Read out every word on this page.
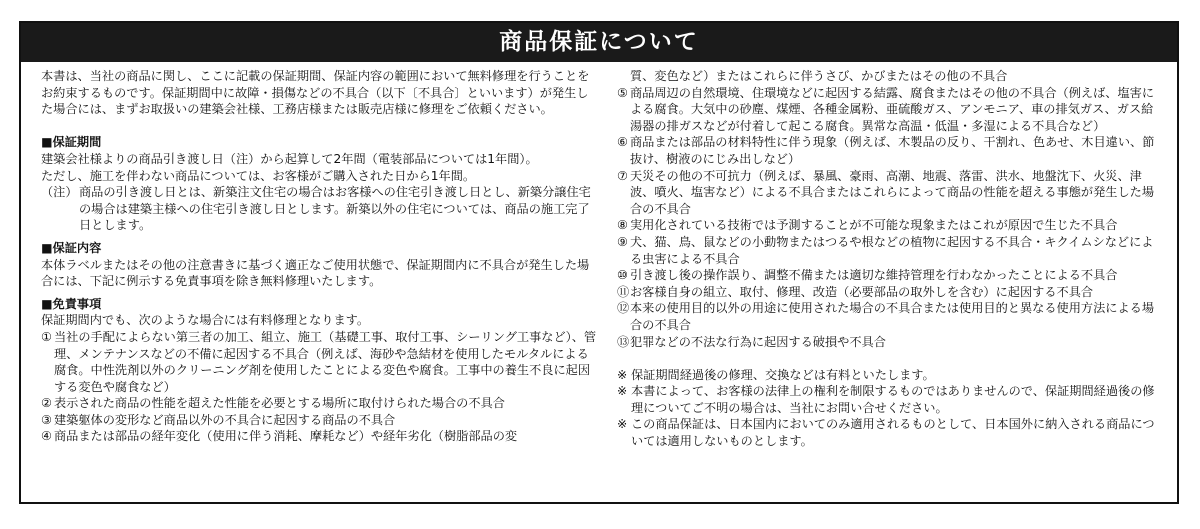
商品保証について

本書は、当社の商品に関し、ここに記載の保証期間、保証内容の範囲において無料修理を行うことをお約束するものです。保証期間中に故障・損傷などの不具合（以下〔不具合〕といいます）が発生した場合には、まずお取扱いの建築会社様、工務店様または販売店様に修理をご依頼ください。

■保証期間

建築会社様よりの商品引き渡し日（注）から起算して2年間（電装部品については1年間）。

ただし、施工を伴わない商品については、お客様がご購入された日から1年間。

（注） 商品の引き渡し日とは、新築注文住宅の場合はお客様への住宅引き渡し日とし、新築分譲住宅の場合は建築主様への住宅引き渡し日とします。新築以外の住宅については、商品の施工完了日とします。

■保証内容

本体ラベルまたはその他の注意書きに基づく適正なご使用状態で、保証期間内に不具合が発生した場合には、下記に例示する免責事項を除き無料修理いたします。

■免責事項

保証期間内でも、次のような場合には有料修理となります。

① 当社の手配によらない第三者の加工、組立、施工（基礎工事、取付工事、シーリング工事など）、管理、メンテナンスなどの不備に起因する不具合（例えば、海砂や急結材を使用したモルタルによる腐食。中性洗剤以外のクリーニング剤を使用したことによる変色や腐食。工事中の養生不良に起因する変色や腐食など）
② 表示された商品の性能を超えた性能を必要とする場所に取付けられた場合の不具合
③ 建築躯体の変形など商品以外の不具合に起因する商品の不具合
④ 商品または部品の経年変化（使用に伴う消耗、摩耗など）や経年劣化（樹脂部品の変

質、変色など）またはこれらに伴うさび、かびまたはその他の不具合

⑤ 商品周辺の自然環境、住環境などに起因する結露、腐食またはその他の不具合（例えば、塩害による腐食。大気中の砂塵、煤煙、各種金属粉、亜硫酸ガス、アンモニア、車の排気ガス、ガス給湯器の排ガスなどが付着して起こる腐食。異常な高温・低温・多湿による不具合など）
⑥ 商品または部品の材料特性に伴う現象（例えば、木製品の反り、干割れ、色あせ、木目違い、節抜け、樹液のにじみ出しなど）
⑦ 天災その他の不可抗力（例えば、暴風、豪雨、高潮、地震、落雷、洪水、地盤沈下、火災、津波、噴火、塩害など）による不具合またはこれらによって商品の性能を超える事態が発生した場合の不具合
⑧ 実用化されている技術では予測することが不可能な現象またはこれが原因で生じた不具合
⑨ 犬、猫、鳥、鼠などの小動物またはつるや根などの植物に起因する不具合・キクイムシなどによる虫害による不具合
⑩ 引き渡し後の操作誤り、調整不備または適切な維持管理を行わなかったことによる不具合
⑪ お客様自身の組立、取付、修理、改造（必要部品の取外しを含む）に起因する不具合
⑫ 本来の使用目的以外の用途に使用された場合の不具合または使用目的と異なる使用方法による場合の不具合
⑬ 犯罪などの不法な行為に起因する破損や不具合
※ 保証期間経過後の修理、交換などは有料といたします。
※ 本書によって、お客様の法律上の権利を制限するものではありませんので、保証期間経過後の修理についてご不明の場合は、当社にお問い合せください。
※ この商品保証は、日本国内においてのみ適用されるものとして、日本国外に納入される商品については適用しないものとします。
